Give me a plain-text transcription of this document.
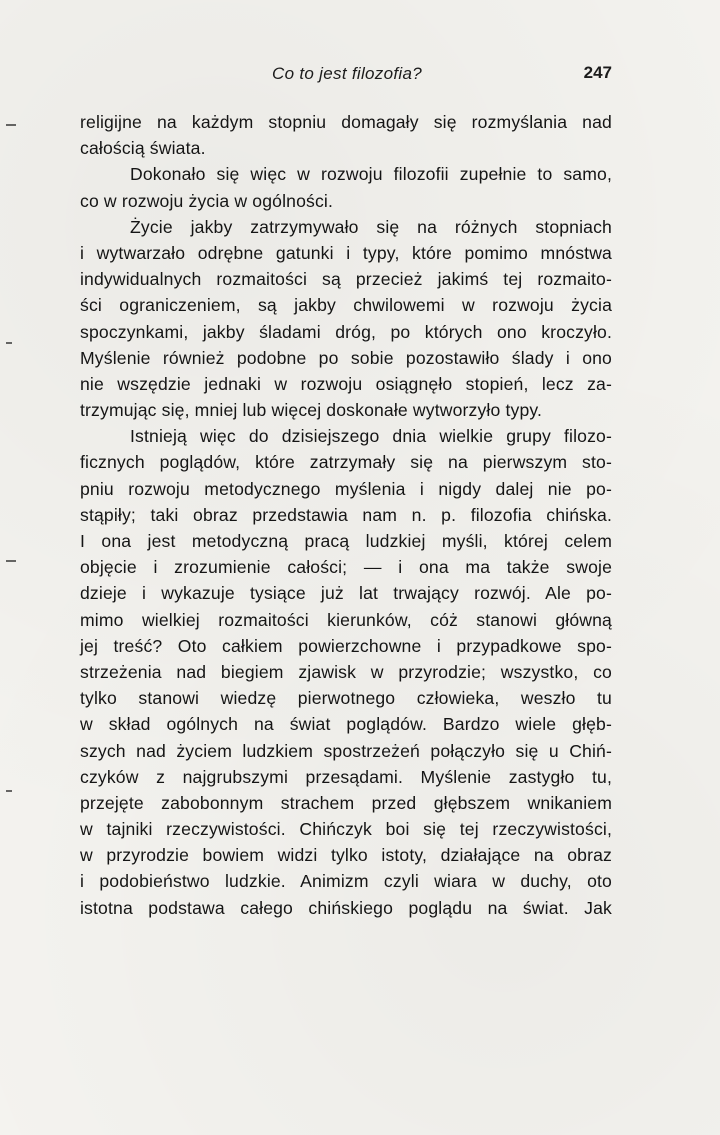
Co to jest filozofia?	247
religijne na każdym stopniu domagały się rozmyślania nad
całością świata.
Dokonało się więc w rozwoju filozofii zupełnie to samo,
co w rozwoju życia w ogólności.
Życie jakby zatrzymywało się na różnych stopniach
i wytwarzało odrębne gatunki i typy, które pomimo mnóstwa
indywidualnych rozmaitości są przecież jakimś tej rozmaito-
ści ograniczeniem, są jakby chwilowemi w rozwoju życia
spoczynkami, jakby śladami dróg, po których ono kroczyło.
Myślenie również podobne po sobie pozostawiło ślady i ono
nie wszędzie jednaki w rozwoju osiągnęło stopień, lecz za-
trzymując się, mniej lub więcej doskonałe wytworzyło typy.
Istnieją więc do dzisiejszego dnia wielkie grupy filozo-
ficznych poglądów, które zatrzymały się na pierwszym sto-
pniu rozwoju metodycznego myślenia i nigdy dalej nie po-
stąpiły; taki obraz przedstawia nam n. p. filozofia chińska.
I ona jest metodyczną pracą ludzkiej myśli, której celem
objęcie i zrozumienie całości; — i ona ma także swoje
dzieje i wykazuje tysiące już lat trwający rozwój. Ale po-
mimo wielkiej rozmaitości kierunków, cóż stanowi główną
jej treść? Oto całkiem powierzchowne i przypadkowe spo-
strzeżenia nad biegiem zjawisk w przyrodzie; wszystko, co
tylko stanowi wiedzę pierwotnego człowieka, weszło tu
w skład ogólnych na świat poglądów. Bardzo wiele głęb-
szych nad życiem ludzkiem spostrzeżeń połączyło się u Chiń-
czyków z najgrubszymi przesądami. Myślenie zastygło tu,
przejęte zabobonnym strachem przed głębszem wnikaniem
w tajniki rzeczywistości. Chińczyk boi się tej rzeczywistości,
w przyrodzie bowiem widzi tylko istoty, działające na obraz
i podobieństwo ludzkie. Animizm czyli wiara w duchy, oto
istotna podstawa całego chińskiego poglądu na świat. Jak
